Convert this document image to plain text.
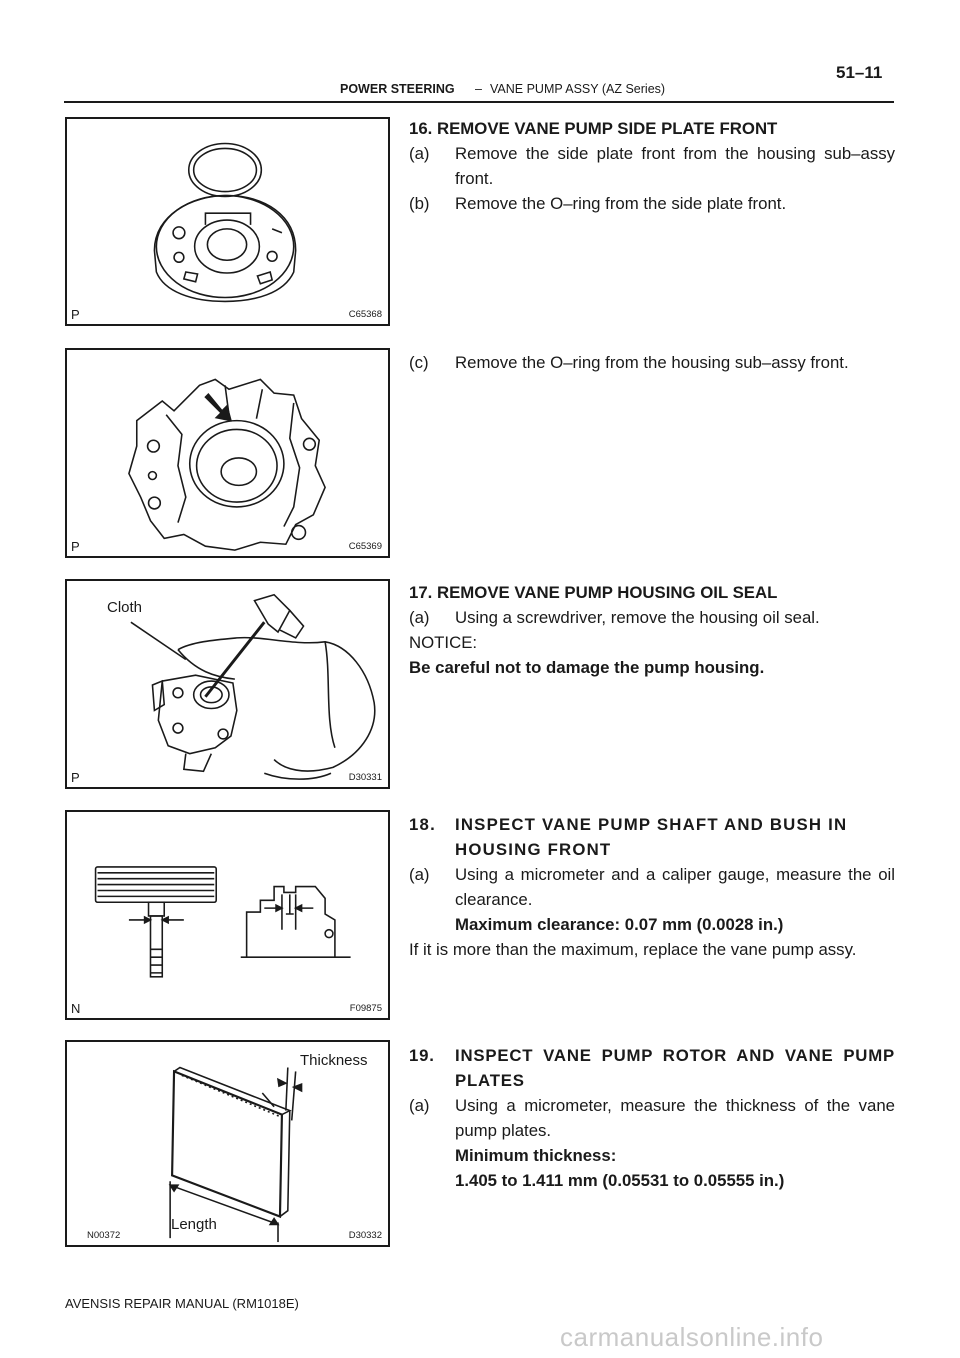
POWER STEERING – VANE PUMP ASSY (AZ Series)
51–11
P	C65368
P	C65369
Cloth
P	D30331
N	F09875
Thickness
Length
N00372	D30332
16. REMOVE VANE PUMP SIDE PLATE FRONT
(a) Remove the side plate front from the housing sub–assy front.
(b) Remove the O–ring from the side plate front.
(c) Remove the O–ring from the housing sub–assy front.
17. REMOVE VANE PUMP HOUSING OIL SEAL
(a) Using a screwdriver, remove the housing oil seal.
NOTICE:
Be careful not to damage the pump housing.
18. INSPECT VANE PUMP SHAFT AND BUSH IN HOUSING FRONT
(a) Using a micrometer and a caliper gauge, measure the oil clearance.
Maximum clearance: 0.07 mm (0.0028 in.)
If it is more than the maximum, replace the vane pump assy.
19. INSPECT VANE PUMP ROTOR AND VANE PUMP PLATES
(a) Using a micrometer, measure the thickness of the vane pump plates.
Minimum thickness:
1.405 to 1.411 mm (0.05531 to 0.05555 in.)
AVENSIS REPAIR MANUAL (RM1018E)
carmanualsonline.info
